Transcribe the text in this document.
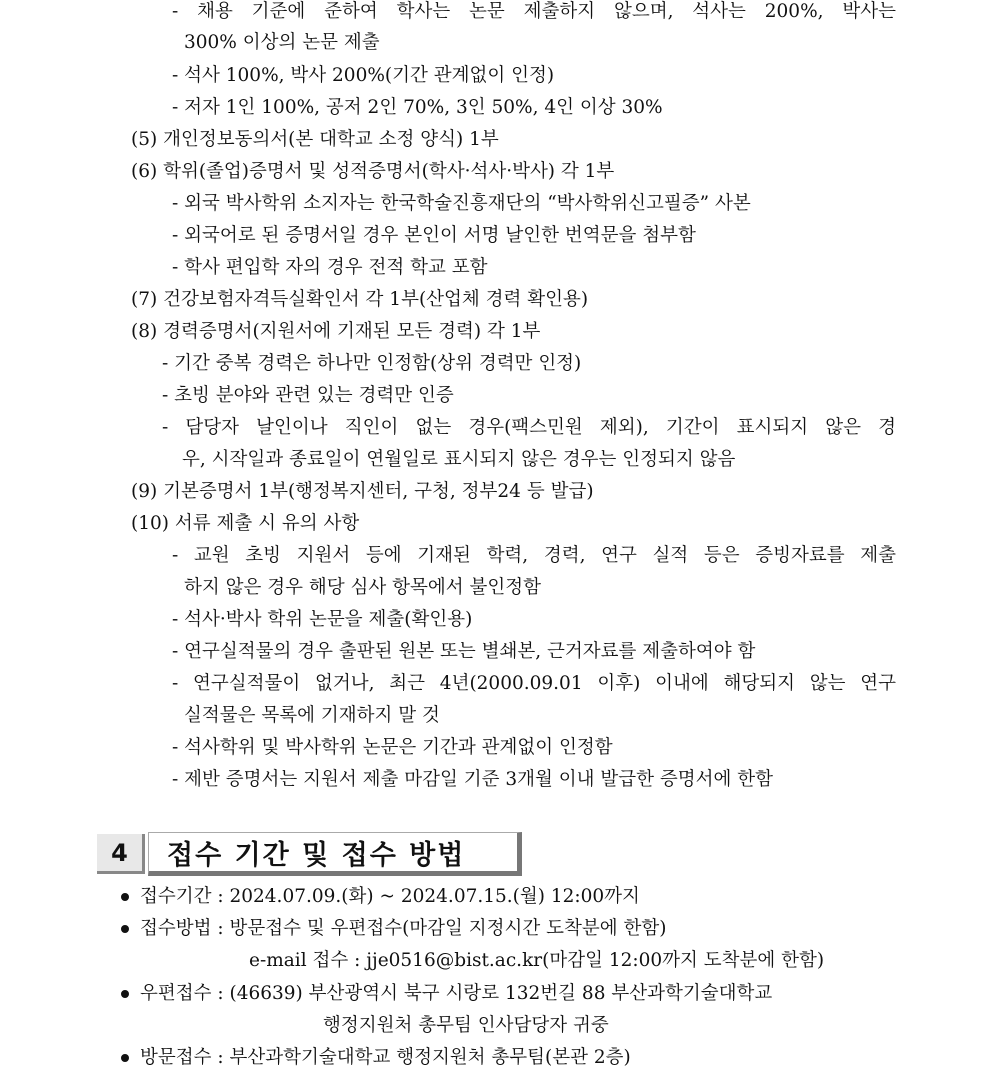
- 채용 기준에 준하여 학사는 논문 제출하지 않으며, 석사는 200%, 박사는
300% 이상의 논문 제출
- 석사 100%, 박사 200%(기간 관계없이 인정)
- 저자 1인 100%, 공저 2인 70%, 3인 50%, 4인 이상 30%
(5) 개인정보동의서(본 대학교 소정 양식) 1부
(6) 학위(졸업)증명서 및 성적증명서(학사·석사·박사) 각 1부
- 외국 박사학위 소지자는 한국학술진흥재단의 “박사학위신고필증” 사본
- 외국어로 된 증명서일 경우 본인이 서명 날인한 번역문을 첨부함
- 학사 편입학 자의 경우 전적 학교 포함
(7) 건강보험자격득실확인서 각 1부(산업체 경력 확인용)
(8) 경력증명서(지원서에 기재된 모든 경력) 각 1부
- 기간 중복 경력은 하나만 인정함(상위 경력만 인정)
- 초빙 분야와 관련 있는 경력만 인증
- 담당자 날인이나 직인이 없는 경우(팩스민원 제외), 기간이 표시되지 않은 경
우, 시작일과 종료일이 연월일로 표시되지 않은 경우는 인정되지 않음
(9) 기본증명서 1부(행정복지센터, 구청, 정부24 등 발급)
(10) 서류 제출 시 유의 사항
- 교원 초빙 지원서 등에 기재된 학력, 경력, 연구 실적 등은 증빙자료를 제출
하지 않은 경우 해당 심사 항목에서 불인정함
- 석사·박사 학위 논문을 제출(확인용)
- 연구실적물의 경우 출판된 원본 또는 별쇄본, 근거자료를 제출하여야 함
- 연구실적물이 없거나, 최근 4년(2000.09.01 이후) 이내에 해당되지 않는 연구
실적물은 목록에 기재하지 말 것
- 석사학위 및 박사학위 논문은 기간과 관계없이 인정함
- 제반 증명서는 지원서 제출 마감일 기준 3개월 이내 발급한 증명서에 한함
4	접수 기간 및 접수 방법
접수기간 : 2024.07.09.(화) ~ 2024.07.15.(월) 12:00까지
접수방법 : 방문접수 및 우편접수(마감일 지정시간 도착분에 한함)
e-mail 접수 : jje0516@bist.ac.kr(마감일 12:00까지 도착분에 한함)
우편접수 : (46639) 부산광역시 북구 시랑로 132번길 88 부산과학기술대학교
행정지원처 총무팀 인사담당자 귀중
방문접수 : 부산과학기술대학교 행정지원처 총무팀(본관 2층)
